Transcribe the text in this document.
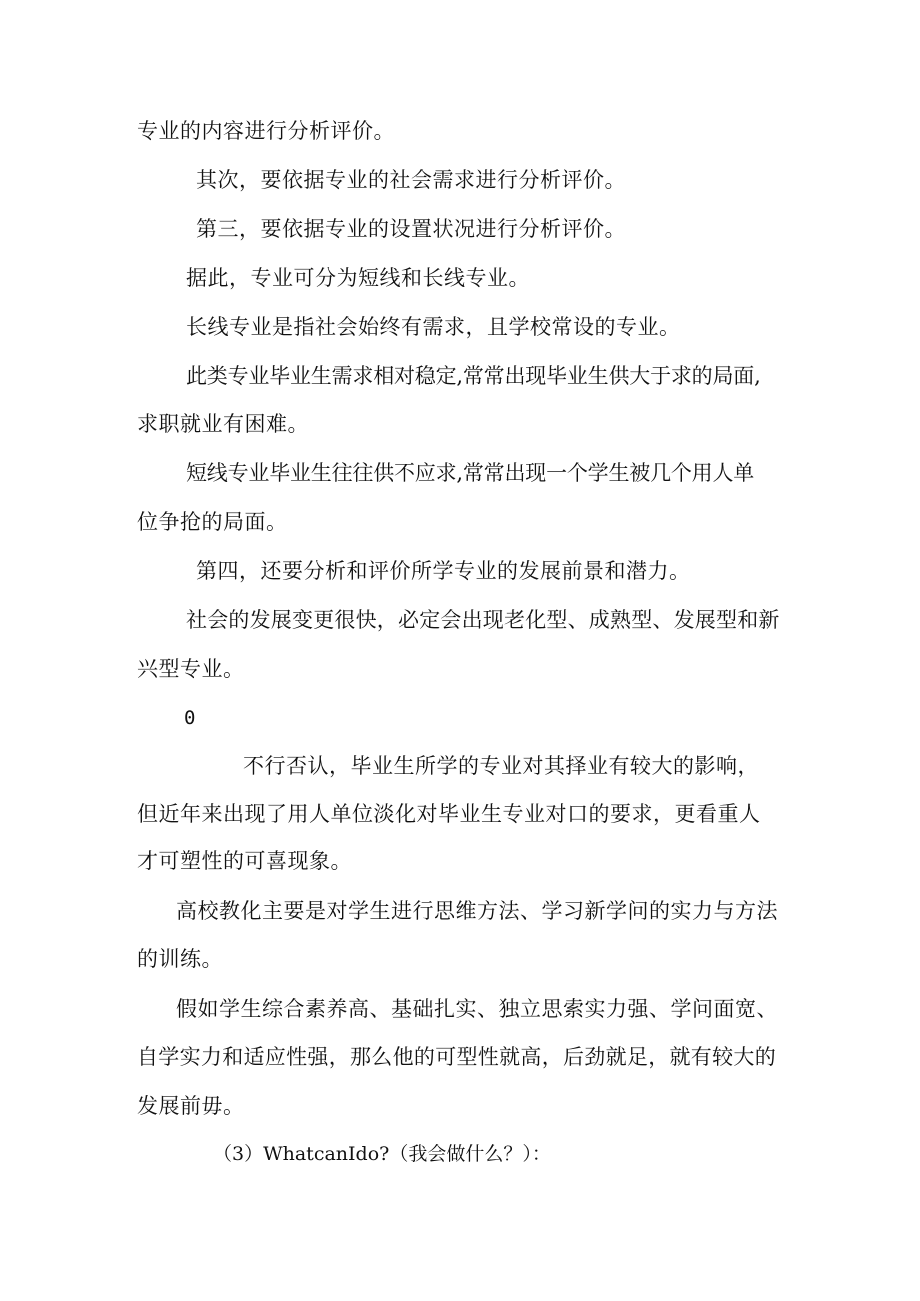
专业的内容进行分析评价。
其次，要依据专业的社会需求进行分析评价。
第三，要依据专业的设置状况进行分析评价。
据此，专业可分为短线和长线专业。
长线专业是指社会始终有需求，且学校常设的专业。
此类专业毕业生需求相对稳定,常常出现毕业生供大于求的局面,
求职就业有困难。
短线专业毕业生往往供不应求,常常出现一个学生被几个用人单
位争抢的局面。
第四，还要分析和评价所学专业的发展前景和潜力。
社会的发展变更很快，必定会出现老化型、成熟型、发展型和新
兴型专业。
0
不行否认，毕业生所学的专业对其择业有较大的影响，
但近年来出现了用人单位淡化对毕业生专业对口的要求，更看重人
才可塑性的可喜现象。
高校教化主要是对学生进行思维方法、学习新学问的实力与方法
的训练。
假如学生综合素养高、基础扎实、独立思索实力强、学问面宽、
自学实力和适应性强，那么他的可型性就高，后劲就足，就有较大的
发展前毋。
（3）WhatcanIdo?（我会做什么？）：
